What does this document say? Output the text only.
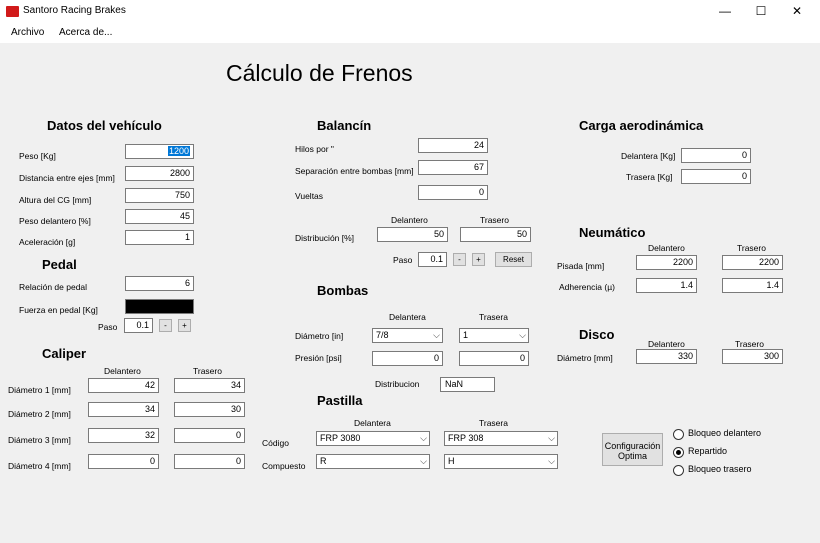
Santoro Racing Brakes	—	☐	✕
Archivo Acerca de...
Cálculo de Frenos
Datos del vehículo
Peso [Kg]	1200
Distancia entre ejes [mm]	2800
Altura del CG [mm]	750
Peso delantero [%]	45
Aceleración [g]	1
Pedal
Relación de pedal	6
Fuerza en pedal [Kg]
Paso	0.1	-	+
Caliper
Delantero	Trasero
Diámetro 1 [mm]	42	34
Diámetro 2 [mm]	34	30
Diámetro 3 [mm]	32	0
Diámetro 4 [mm]	0	0
Balancín
Hilos por "	24
Separación entre bombas [mm]	67
Vueltas	0
Delantero	Trasero
Distribución [%]	50	50
Paso	0.1	-	+	Reset
Bombas
Delantera	Trasera
Diámetro [in]	7/8	⌵	1	⌵
Presión [psi]	0	0
Distribucion	NaN
Pastilla
Delantera	Trasera
Código	FRP 3080	⌵	FRP 308	⌵
Compuesto	R	⌵	H	⌵
Carga aerodinámica
Delantera [Kg]	0
Trasera [Kg]	0
Neumático
Delantero	Trasero
Pisada [mm]	2200	2200
Adherencia (µ)	1.4	1.4
Disco
Delantero	Trasero
Diámetro [mm]	330	300
Configuración Optima
Bloqueo delantero
Repartido
Bloqueo trasero
